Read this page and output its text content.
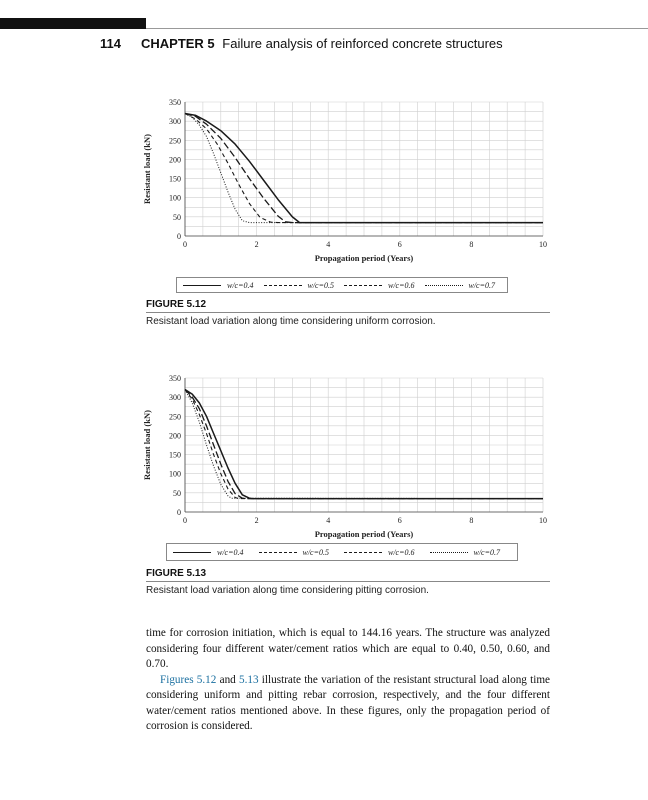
114 CHAPTER 5 Failure analysis of reinforced concrete structures
0
50
100
150
200
250
300
350
0	2	4	6	8	10
Propagation period (Years)
Resistant load (kN)
w/c=0.4	w/c=0.5	w/c=0.6	w/c=0.7
FIGURE 5.12
Resistant load variation along time considering uniform corrosion.
0
50
100
150
200
250
300
350
0	2	4	6	8	10
Propagation period (Years)
Resistant load (kN)
w/c=0.4	w/c=0.5	w/c=0.6	w/c=0.7
FIGURE 5.13
Resistant load variation along time considering pitting corrosion.

time for corrosion initiation, which is equal to 144.16 years. The structure was analyzed considering four different water/cement ratios which are equal to 0.40, 0.50, 0.60, and 0.70.

Figures 5.12 and 5.13 illustrate the variation of the resistant structural load along time considering uniform and pitting rebar corrosion, respectively, and the four different water/cement ratios mentioned above. In these figures, only the propagation period of corrosion is considered.
